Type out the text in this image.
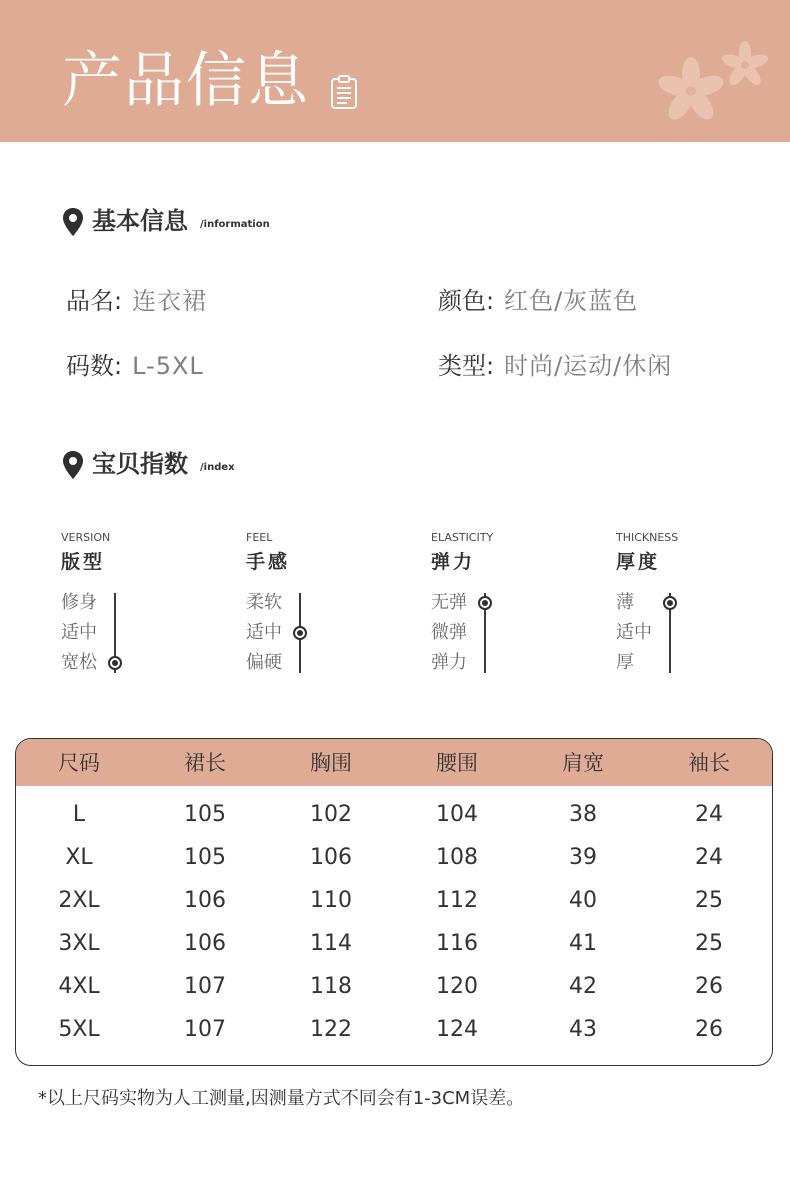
产品信息
基本信息 /information
品名: 连衣裙	颜色: 红色/灰蓝色
码数: L-5XL	类型: 时尚/运动/休闲
宝贝指数 /index
VERSION
版型
修身
适中
宽松
FEEL
手感
柔软
适中
偏硬
ELASTICITY
弹力
无弹
微弹
弹力
THICKNESS
厚度
薄
适中
厚
尺码	裙长	胸围	腰围	肩宽	袖长
L	105	102	104	38	24
XL	105	106	108	39	24
2XL	106	110	112	40	25
3XL	106	114	116	41	25
4XL	107	118	120	42	26
5XL	107	122	124	43	26
*以上尺码实物为人工测量,因测量方式不同会有1-3CM误差。
